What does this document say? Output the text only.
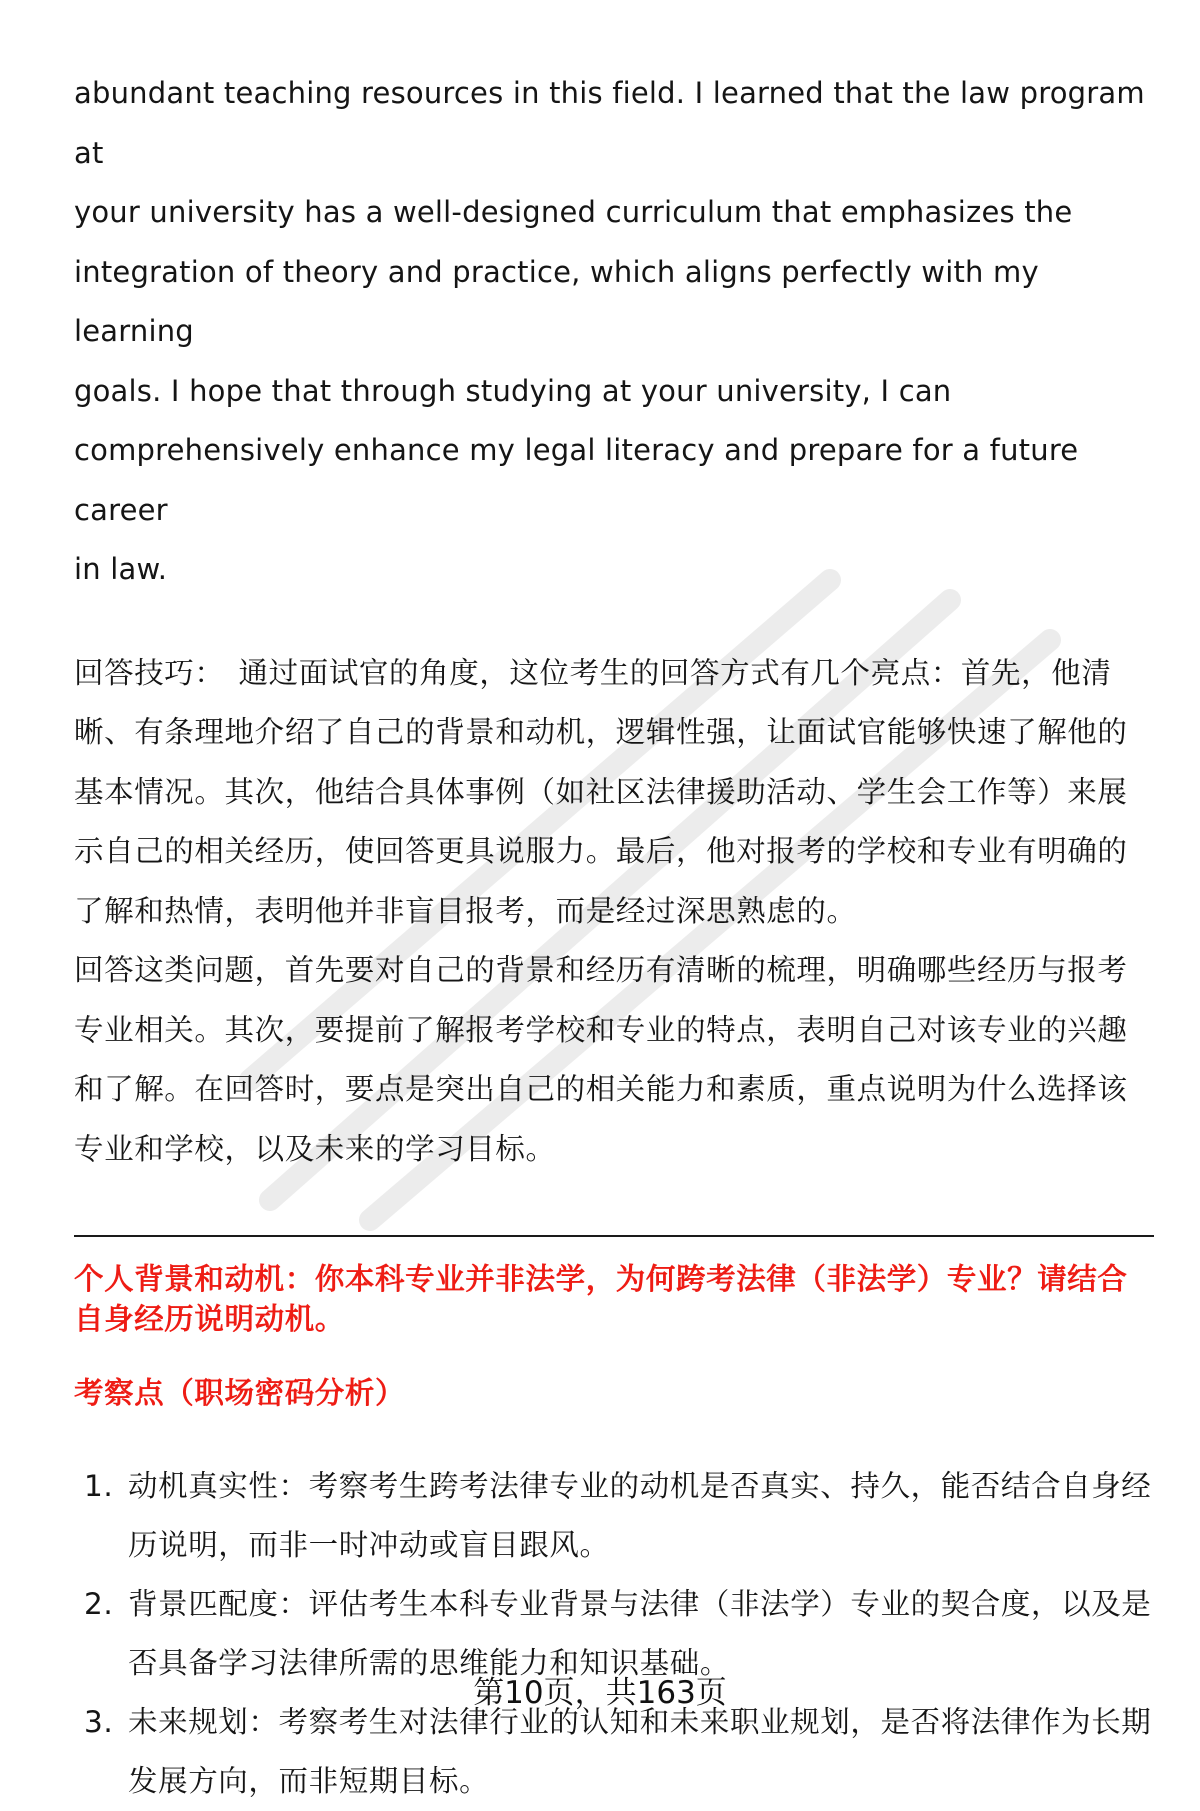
abundant teaching resources in this field. I learned that the law program at

your university has a well-designed curriculum that emphasizes the

integration of theory and practice, which aligns perfectly with my learning

goals. I hope that through studying at your university, I can

comprehensively enhance my legal literacy and prepare for a future career

in law.

回答技巧： 通过面试官的角度，这位考生的回答方式有几个亮点：首先，他清晰、有条理地介绍了自己的背景和动机，逻辑性强，让面试官能够快速了解他的基本情况。其次，他结合具体事例（如社区法律援助活动、学生会工作等）来展示自己的相关经历，使回答更具说服力。最后，他对报考的学校和专业有明确的了解和热情，表明他并非盲目报考，而是经过深思熟虑的。

回答这类问题，首先要对自己的背景和经历有清晰的梳理，明确哪些经历与报考专业相关。其次，要提前了解报考学校和专业的特点，表明自己对该专业的兴趣和了解。在回答时，要点是突出自己的相关能力和素质，重点说明为什么选择该专业和学校，以及未来的学习目标。

个人背景和动机：你本科专业并非法学，为何跨考法律（非法学）专业？请结合自身经历说明动机。

考察点（职场密码分析）

1. 动机真实性：考察考生跨考法律专业的动机是否真实、持久，能否结合自身经历说明，而非一时冲动或盲目跟风。
2. 背景匹配度：评估考生本科专业背景与法律（非法学）专业的契合度，以及是否具备学习法律所需的思维能力和知识基础。
3. 未来规划：考察考生对法律行业的认知和未来职业规划，是否将法律作为长期发展方向，而非短期目标。
第10页，共163页
